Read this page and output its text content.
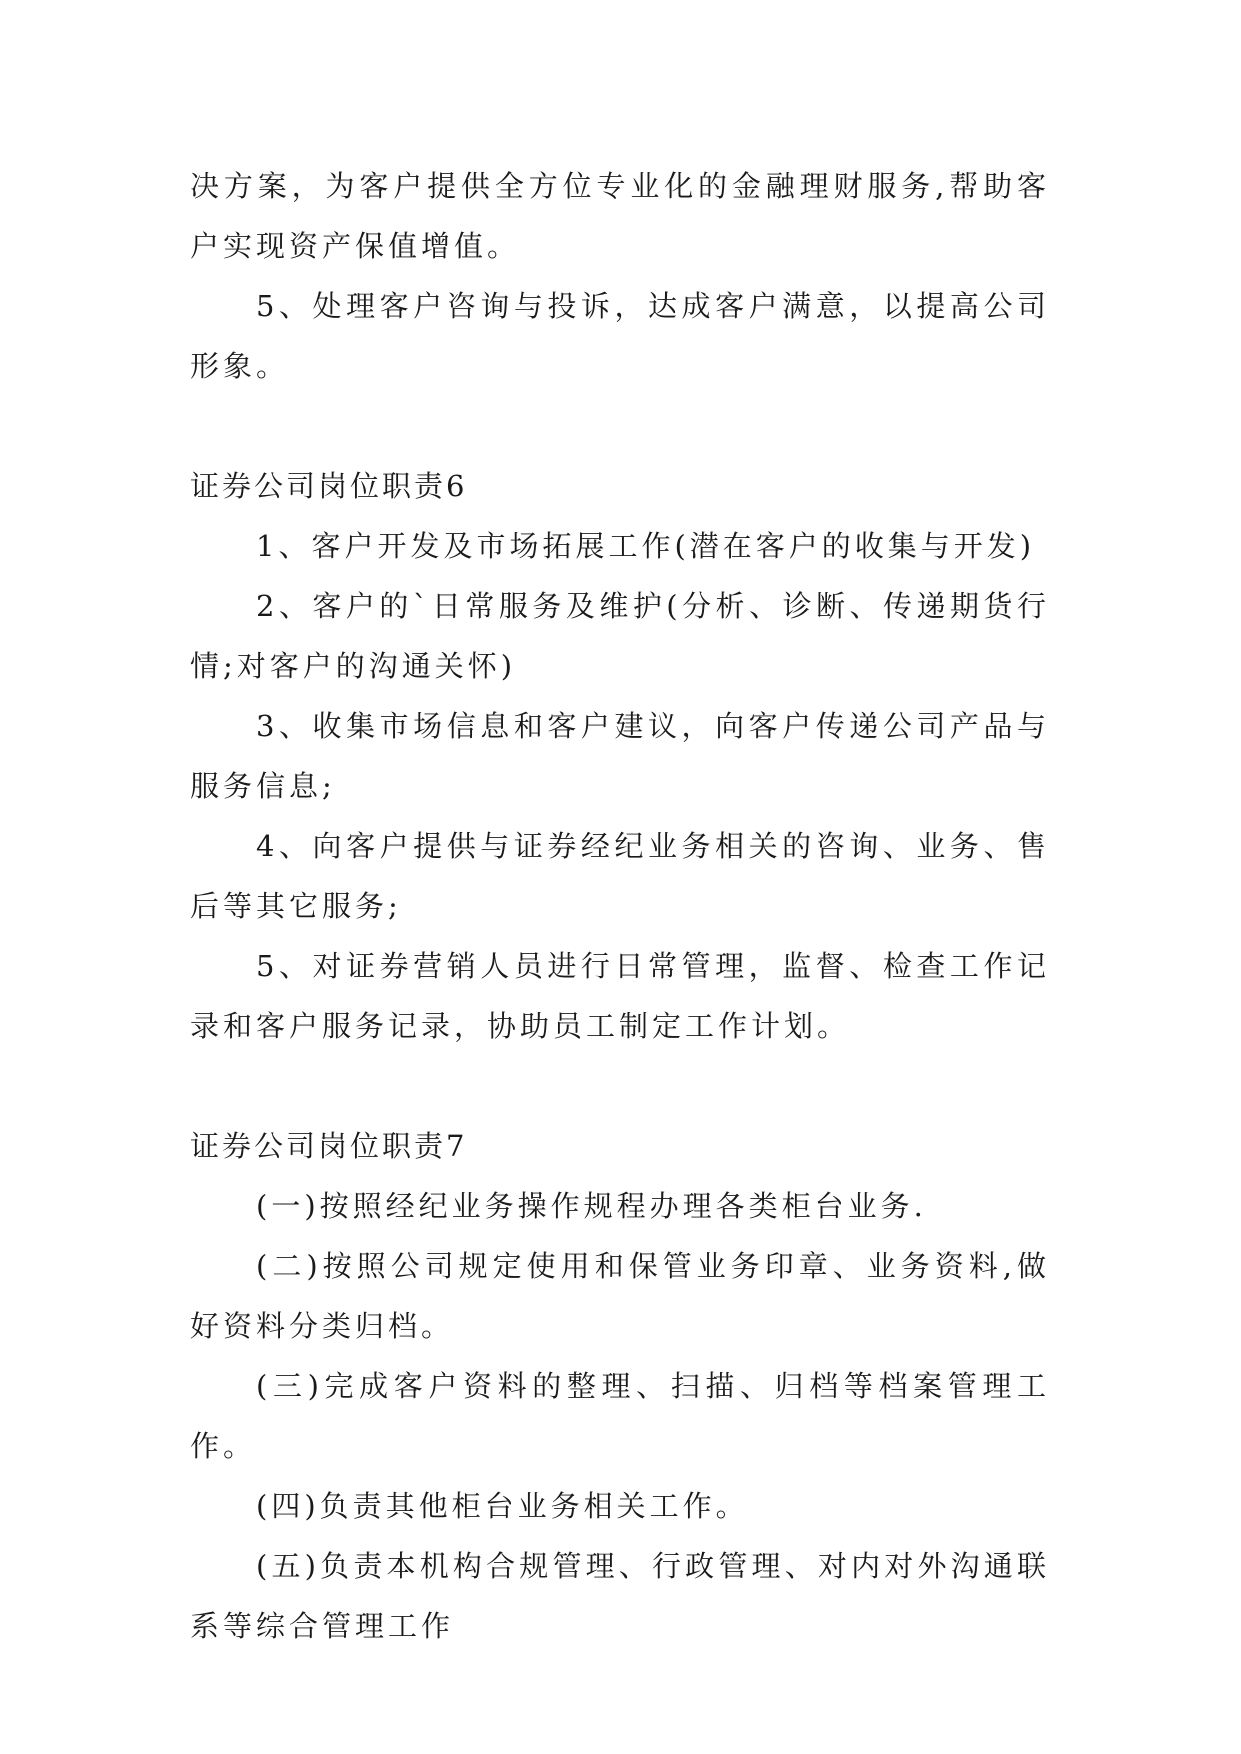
决方案，为客户提供全方位专业化的金融理财服务,帮助客户实现资产保值增值。

5、处理客户咨询与投诉，达成客户满意，以提高公司形象。

证券公司岗位职责6

1、客户开发及市场拓展工作(潜在客户的收集与开发)

2、客户的`日常服务及维护(分析、诊断、传递期货行情;对客户的沟通关怀)

3、收集市场信息和客户建议，向客户传递公司产品与服务信息;

4、向客户提供与证券经纪业务相关的咨询、业务、售后等其它服务;

5、对证券营销人员进行日常管理，监督、检查工作记录和客户服务记录，协助员工制定工作计划。

证券公司岗位职责7

(一)按照经纪业务操作规程办理各类柜台业务.

(二)按照公司规定使用和保管业务印章、业务资料,做好资料分类归档。

(三)完成客户资料的整理、扫描、归档等档案管理工作。

(四)负责其他柜台业务相关工作。

(五)负责本机构合规管理、行政管理、对内对外沟通联系等综合管理工作
